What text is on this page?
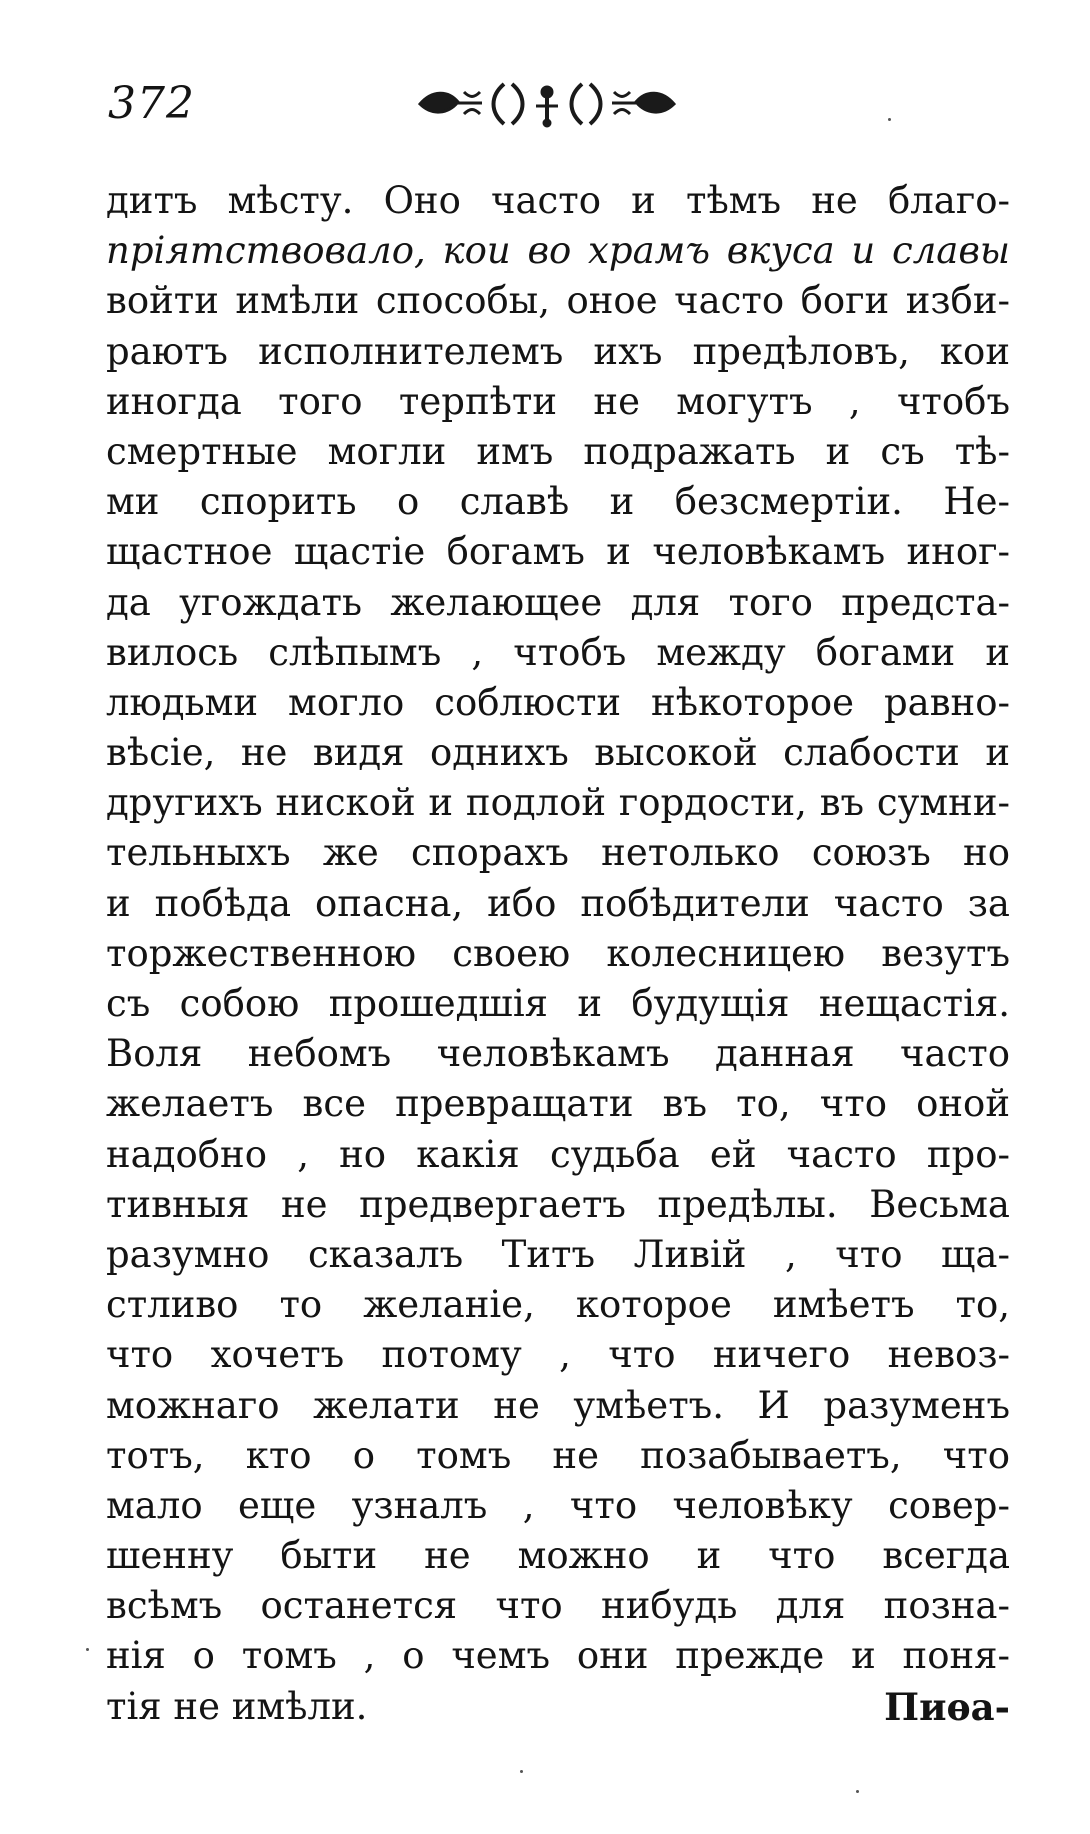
372
дитъ мѣсту. Оно часто и тѣмъ не благо-
пріятствовало, кои во храмъ вкуса и славы
войти имѣли способы, оное часто боги изби-
раютъ исполнителемъ ихъ предѣловъ, кои
иногда того терпѣти не могутъ , чтобъ
смертные могли имъ подражать и съ тѣ-
ми спорить о славѣ и безсмертіи. Не-
щастное щастіе богамъ и человѣкамъ иног-
да угождать желающее для того предста-
вилось слѣпымъ , чтобъ между богами и
людьми могло соблюсти нѣкоторое равно-
вѣсіе, не видя однихъ высокой слабости и
другихъ ниской и подлой гордости, въ сумни-
тельныхъ же спорахъ нетолько союзъ но
и побѣда опасна, ибо побѣдители часто за
торжественною своею колесницею везутъ
съ собою прошедшія и будущія нещастія.
Воля небомъ человѣкамъ данная часто
желаетъ все превращати въ то, что оной
надобно , но какія судьба ей часто про-
тивныя не предвергаетъ предѣлы. Весьма
разумно сказалъ Титъ Ливій , что ща-
стливо то желаніе, которое имѣетъ то,
что хочетъ потому , что ничего невоз-
можнаго желати не умѣетъ. И разуменъ
тотъ, кто о томъ не позабываетъ, что
мало еще узналъ , что человѣку совер-
шенну быти не можно и что всегда
всѣмъ останется что нибудь для позна-
нія о томъ , о чемъ они прежде и поня-
тія не имѣли.	Пиѳа-
